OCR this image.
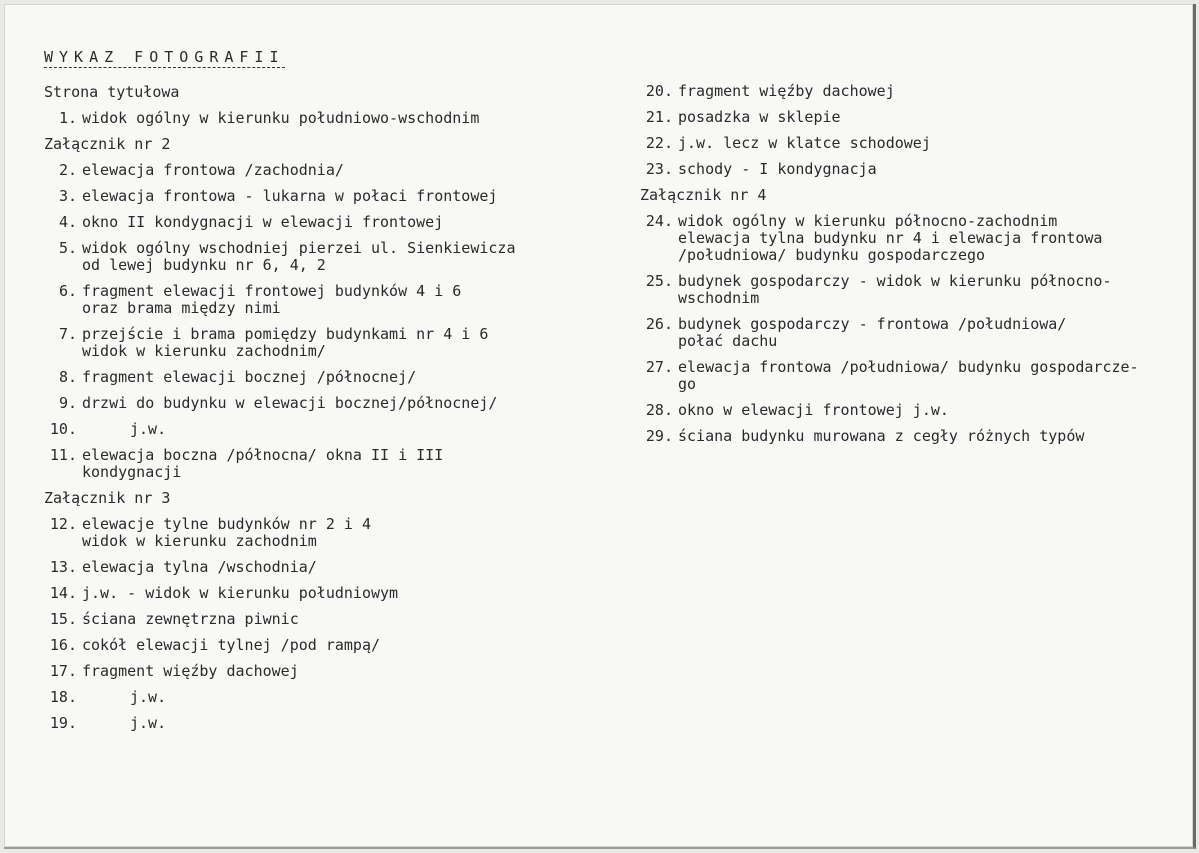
WYKAZ FOTOGRAFII
Strona tytułowa
1. widok ogólny w kierunku południowo-wschodnim
Załącznik nr 2
2. elewacja frontowa /zachodnia/
3. elewacja frontowa - lukarna w połaci frontowej
4. okno II kondygnacji w elewacji frontowej
5. widok ogólny wschodniej pierzei ul. Sienkiewicza
od lewej budynku nr 6, 4, 2
6. fragment elewacji frontowej budynków 4 i 6
oraz brama między nimi
7. przejście i brama pomiędzy budynkami nr 4 i 6
widok w kierunku zachodnim/
8. fragment elewacji bocznej /północnej/
9. drzwi do budynku w elewacji bocznej/północnej/
10.	j.w.
11. elewacja boczna /północna/ okna II i III
kondygnacji
Załącznik nr 3
12. elewacje tylne budynków nr 2 i 4
widok w kierunku zachodnim
13. elewacja tylna /wschodnia/
14. j.w. - widok w kierunku południowym
15. ściana zewnętrzna piwnic
16. cokół elewacji tylnej /pod rampą/
17. fragment więźby dachowej
18.	j.w.
19.	j.w.
20. fragment więźby dachowej
21. posadzka w sklepie
22. j.w. lecz w klatce schodowej
23. schody - I kondygnacja
Załącznik nr 4
24. widok ogólny w kierunku północno-zachodnim
elewacja tylna budynku nr 4 i elewacja frontowa
/południowa/ budynku gospodarczego
25. budynek gospodarczy - widok w kierunku północno-
wschodnim
26. budynek gospodarczy - frontowa /południowa/
połać dachu
27. elewacja frontowa /południowa/ budynku gospodarcze-
go
28. okno w elewacji frontowej j.w.
29. ściana budynku murowana z cegły różnych typów
